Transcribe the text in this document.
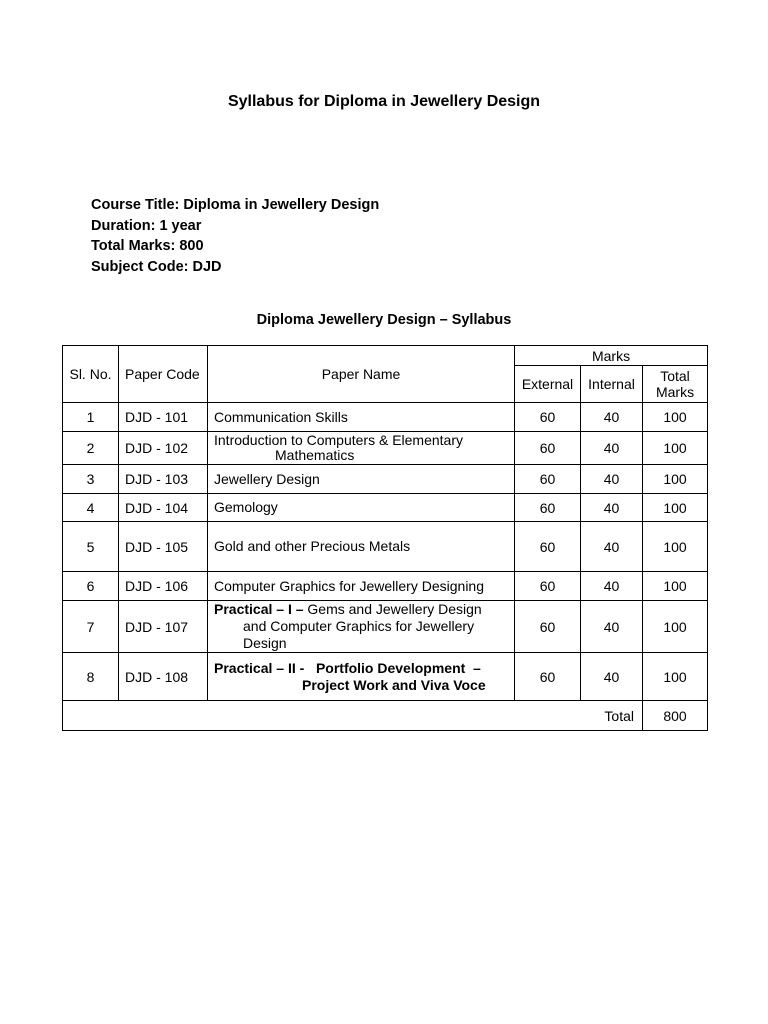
Syllabus for Diploma in Jewellery Design
Course Title: Diploma in Jewellery Design
Duration: 1 year
Total Marks: 800
Subject Code: DJD
Diploma Jewellery Design – Syllabus
Sl. No.	Paper Code	Paper Name	Marks		
			External	Internal	Total
Marks

1	DJD - 101	Communication Skills	60	40	100
2	DJD - 102	Introduction to Computers & Elementary
Mathematics	60	40	100
3	DJD - 103	Jewellery Design	60	40	100
4	DJD - 104	Gemology	60	40	100
5	DJD - 105	Gold and other Precious Metals	60	40	100
6	DJD - 106	Computer Graphics for Jewellery Designing	60	40	100
7	DJD - 107	Practical – I – Gems and Jewellery Design
and Computer Graphics for Jewellery Design	60	40	100
8	DJD - 108	Practical – II -   Portfolio Development  –
Project Work and Viva Voce	60	40	100
Total					800
